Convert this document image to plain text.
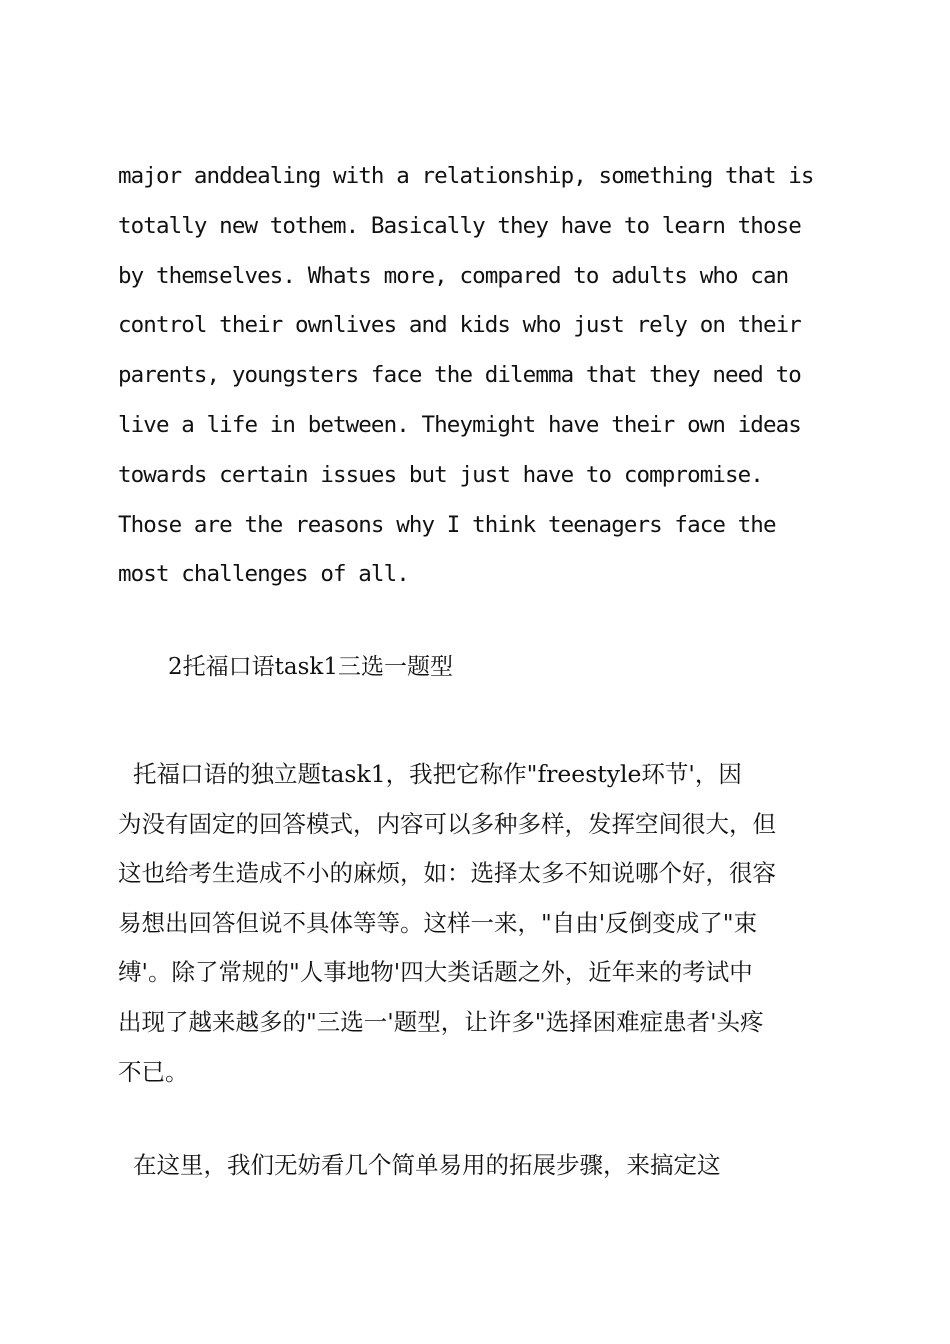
major anddealing with a relationship, something that is
totally new tothem. Basically they have to learn those
by themselves. Whats more, compared to adults who can
control their ownlives and kids who just rely on their
parents, youngsters face the dilemma that they need to
live a life in between. Theymight have their own ideas
towards certain issues but just have to compromise.
Those are the reasons why I think teenagers face the
most challenges of all.
2托福口语task1三选一题型
托福口语的独立题task1，我把它称作"freestyle环节'，因
为没有固定的回答模式，内容可以多种多样，发挥空间很大，但
这也给考生造成不小的麻烦，如：选择太多不知说哪个好，很容
易想出回答但说不具体等等。这样一来，"自由'反倒变成了"束
缚'。除了常规的"人事地物'四大类话题之外，近年来的考试中
出现了越来越多的"三选一'题型，让许多"选择困难症患者'头疼
不已。
在这里，我们无妨看几个简单易用的拓展步骤，来搞定这
